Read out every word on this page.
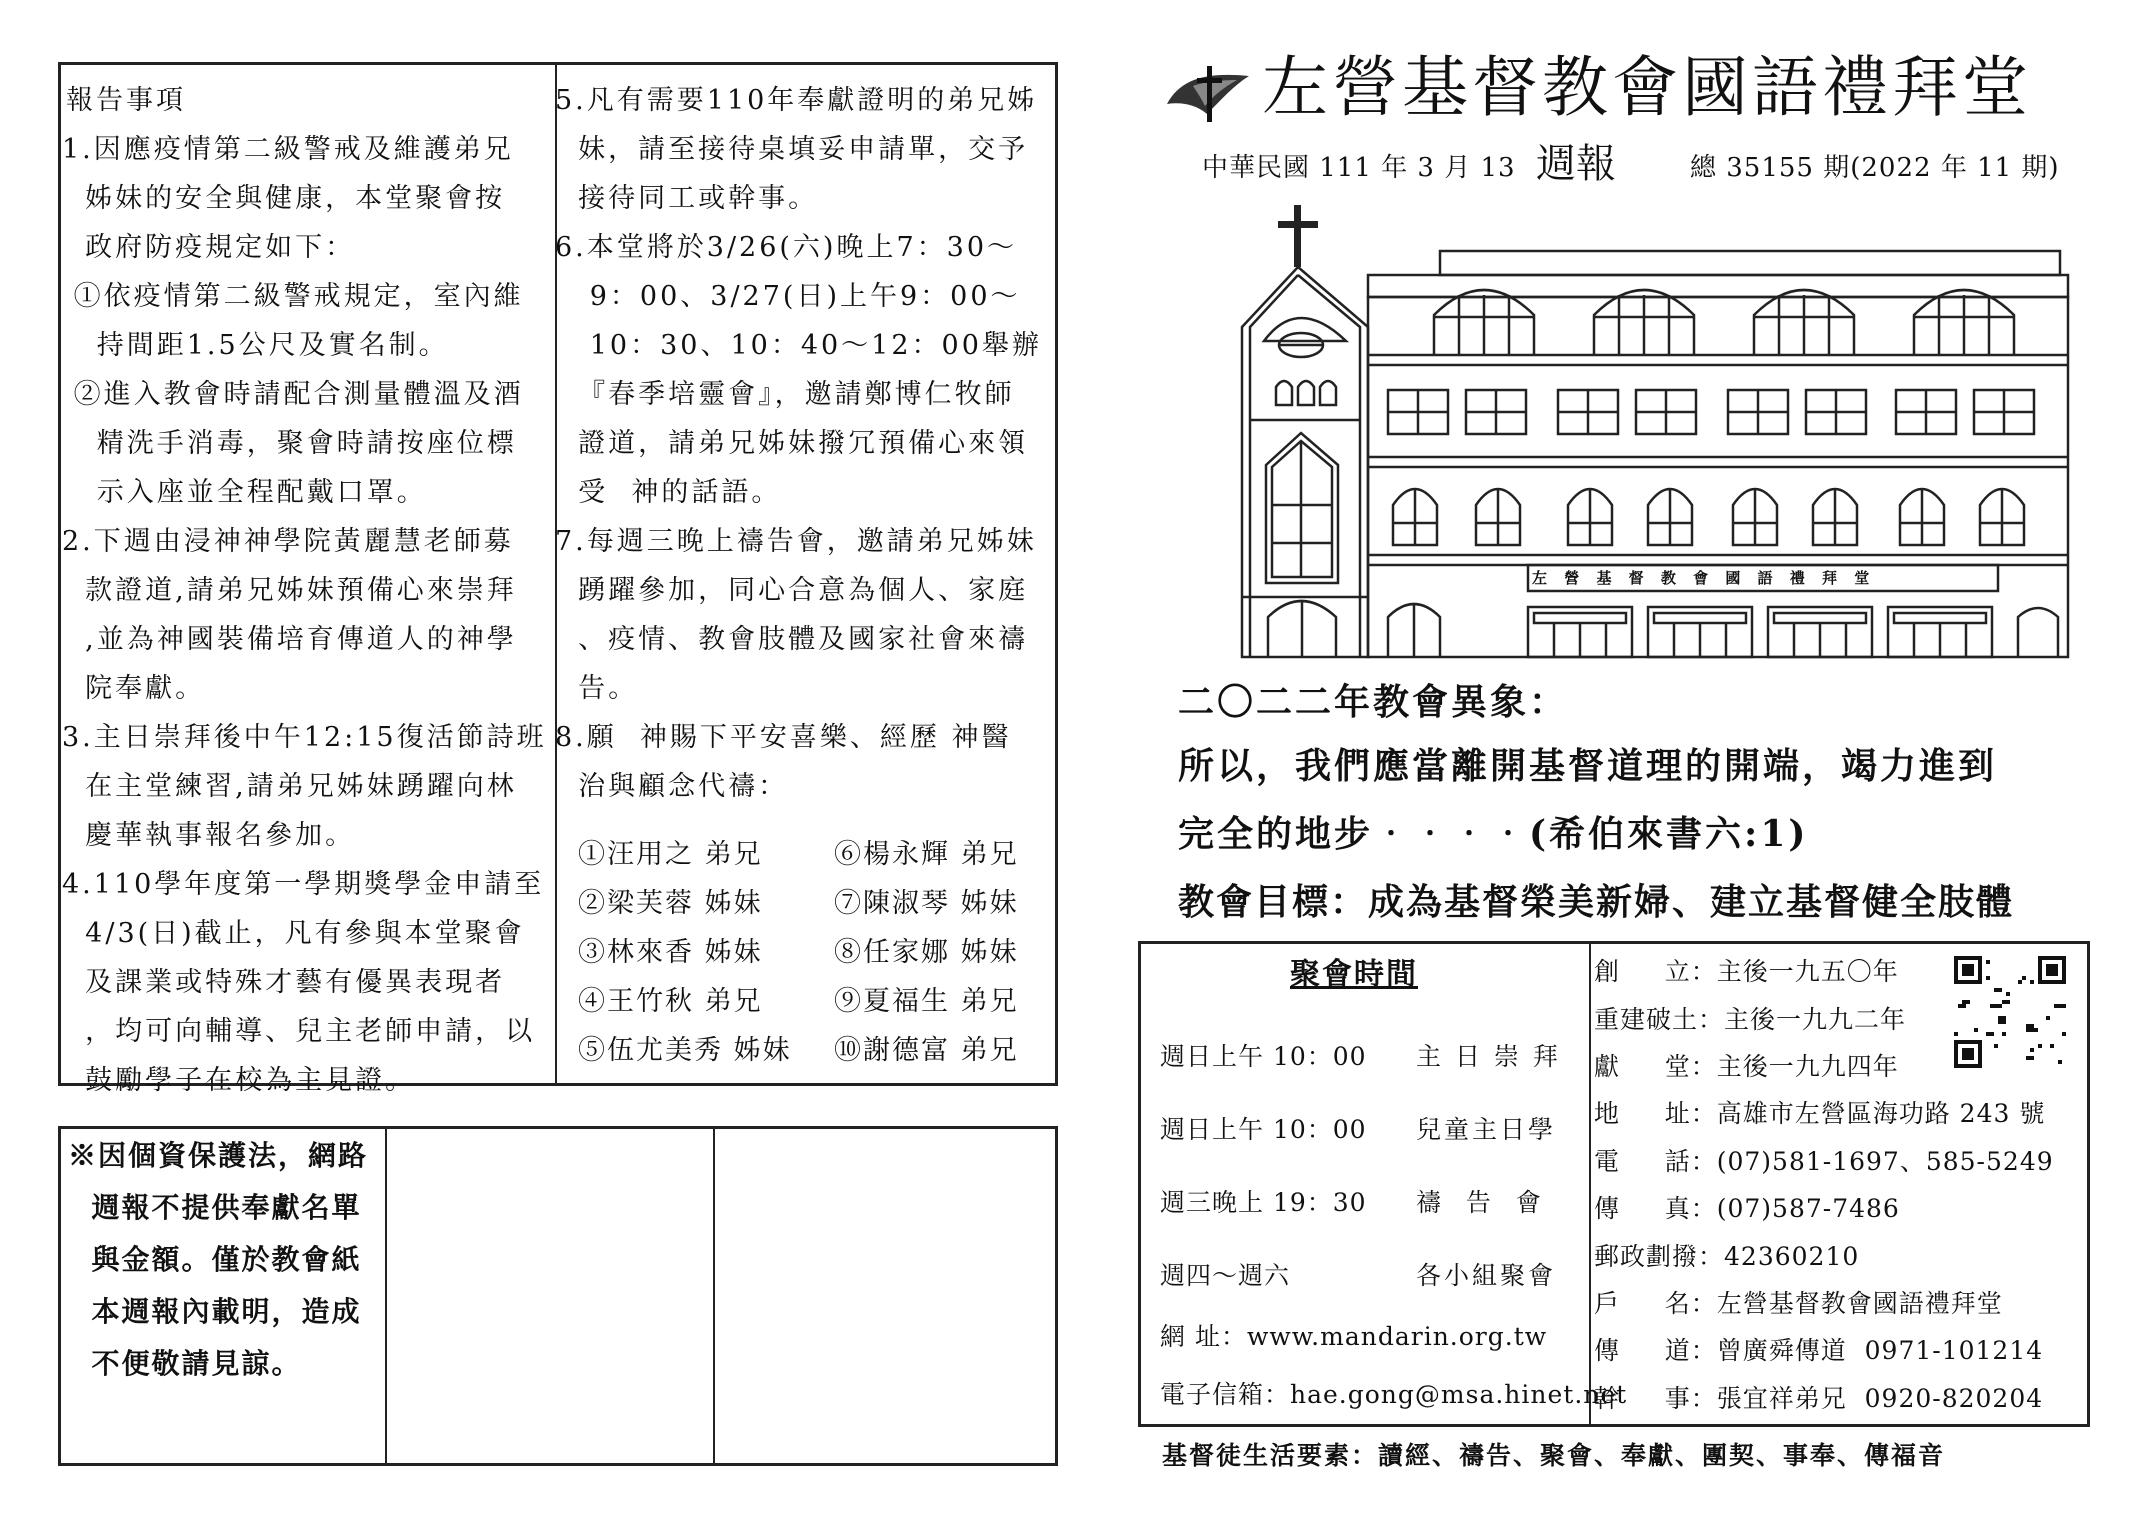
報告事項
1.因應疫情第二級警戒及維護弟兄
姊妹的安全與健康，本堂聚會按
政府防疫規定如下：
①依疫情第二級警戒規定，室內維
持間距1.5公尺及實名制。
②進入教會時請配合測量體溫及酒
精洗手消毒，聚會時請按座位標
示入座並全程配戴口罩。
2.下週由浸神神學院黃麗慧老師募
款證道,請弟兄姊妹預備心來崇拜
,並為神國裝備培育傳道人的神學
院奉獻。
3.主日崇拜後中午12:15復活節詩班
在主堂練習,請弟兄姊妹踴躍向林
慶華執事報名參加。
4.110學年度第一學期獎學金申請至
4/3(日)截止，凡有參與本堂聚會
及課業或特殊才藝有優異表現者
，均可向輔導、兒主老師申請，以
鼓勵學子在校為主見證。
5.凡有需要110年奉獻證明的弟兄姊
妹，請至接待桌填妥申請單，交予
接待同工或幹事。
6.本堂將於3/26(六)晚上7：30～
9：00、3/27(日)上午9：00～
10：30、10：40～12：00舉辦
『春季培靈會』，邀請鄭博仁牧師
證道，請弟兄姊妹撥冗預備心來領
受  神的話語。
7.每週三晚上禱告會，邀請弟兄姊妹
踴躍參加，同心合意為個人、家庭
、疫情、教會肢體及國家社會來禱
告。
8.願  神賜下平安喜樂、經歷 神醫
治與顧念代禱：
①汪用之 弟兄	⑥楊永輝 弟兄
②梁芙蓉 姊妹	⑦陳淑琴 姊妹
③林來香 姊妹	⑧任家娜 姊妹
④王竹秋 弟兄	⑨夏福生 弟兄
⑤伍尤美秀 姊妹	⑩謝德富 弟兄
※因個資保護法，網路
週報不提供奉獻名單
與金額。僅於教會紙
本週報內載明，造成
不便敬請見諒。
左營基督教會國語禮拜堂
中華民國 111 年 3 月 13 週報	總 35155 期(2022 年 11 期)
左 營 基 督 教 會 國 語 禮 拜 堂
二〇二二年教會異象：
所以，我們應當離開基督道理的開端，竭力進到
完全的地步‧‧‧‧(希伯來書六:1)
教會目標：成為基督榮美新婦、建立基督健全肢體
聚會時間
週日上午 10：00	主 日 崇 拜
週日上午 10：00	兒童主日學
週三晚上 19：30	禱  告  會
週四～週六	各小組聚會
網 址：www.mandarin.org.tw
電子信箱：hae.gong@msa.hinet.net
創     立： 主後一九五〇年
重建破土： 主後一九九二年
獻     堂： 主後一九九四年
地     址： 高雄市左營區海功路 243 號
電     話： (07)581-1697、585-5249
傳     真： (07)587-7486
郵政劃撥： 42360210
戶     名： 左營基督教會國語禮拜堂
傳     道： 曾廣舜傳道  0971-101214
幹     事： 張宜祥弟兄  0920-820204
基督徒生活要素：讀經、禱告、聚會、奉獻、團契、事奉、傳福音
